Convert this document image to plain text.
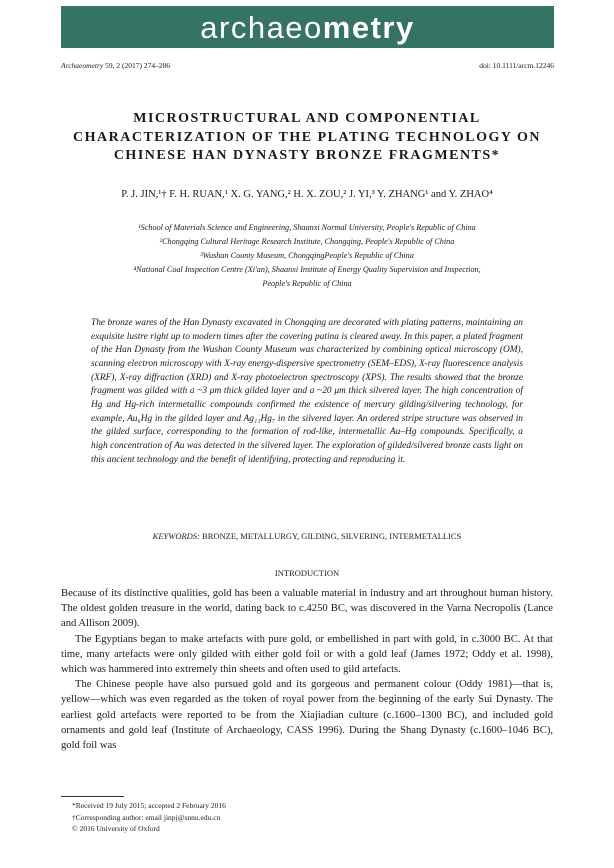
archaeo metry
Archaeometry 59, 2 (2017) 274–286	doi: 10.1111/arcm.12246
MICROSTRUCTURAL AND COMPONENTIAL
CHARACTERIZATION OF THE PLATING TECHNOLOGY ON
CHINESE HAN DYNASTY BRONZE FRAGMENTS*
P. J. JIN,¹† F. H. RUAN,¹ X. G. YANG,² H. X. ZOU,² J. YI,³ Y. ZHANG¹ and Y. ZHAO⁴
¹School of Materials Science and Engineering, Shaanxi Normal University, People's Republic of China
²Chongqing Cultural Heritage Research Institute, Chongqing, People's Republic of China
³Wushan County Museum, ChongqingPeople's Republic of China
⁴National Coal Inspection Centre (Xi'an), Shaanxi Institute of Energy Quality Supervision and Inspection,
People's Republic of China
The bronze wares of the Han Dynasty excavated in Chongqing are decorated with plating patterns, maintaining an exquisite lustre right up to modern times after the covering patina is cleared away. In this paper, a plated fragment of the Han Dynasty from the Wushan County Museum was characterized by combining optical microscopy (OM), scanning electron microscopy with X-ray energy-dispersive spectrometry (SEM–EDS), X-ray fluorescence analysis (XRF), X-ray diffraction (XRD) and X-ray photoelectron spectroscopy (XPS). The results showed that the bronze fragment was gilded with a ~3 μm thick gilded layer and a ~20 μm thick silvered layer. The high concentration of Hg and Hg-rich intermetallic compounds confirmed the existence of mercury gilding/silvering technology, for example, Au₆Hg in the gilded layer and Ag₁₁Hg₇ in the silvered layer. An ordered stripe structure was observed in the gilded surface, corresponding to the formation of rod-like, intermetallic Au–Hg compounds. Specifically, a high concentration of Au was detected in the silvered layer. The exploration of gilded/silvered bronze casts light on this ancient technology and the benefit of identifying, protecting and reproducing it.
KEYWORDS: BRONZE, METALLURGY, GILDING, SILVERING, INTERMETALLICS
INTRODUCTION

Because of its distinctive qualities, gold has been a valuable material in industry and art throughout human history. The oldest golden treasure in the world, dating back to c.4250 BC, was discovered in the Varna Necropolis (Lance and Allison 2009).

The Egyptians began to make artefacts with pure gold, or embellished in part with gold, in c.3000 BC. At that time, many artefacts were only gilded with either gold foil or with a gold leaf (James 1972; Oddy et al. 1998), which was hammered into extremely thin sheets and often used to gild artefacts.

The Chinese people have also pursued gold and its gorgeous and permanent colour (Oddy 1981)—that is, yellow—which was even regarded as the token of royal power from the beginning of the early Sui Dynasty. The earliest gold artefacts were reported to be from the Xiajiadian culture (c.1600–1300 BC), and included gold ornaments and gold leaf (Institute of Archaeology, CASS 1996). During the Shang Dynasty (c.1600–1046 BC), gold foil was

*Received 19 July 2015; accepted 2 February 2016
†Corresponding author: email jinpj@snnu.edu.cn
© 2016 University of Oxford
